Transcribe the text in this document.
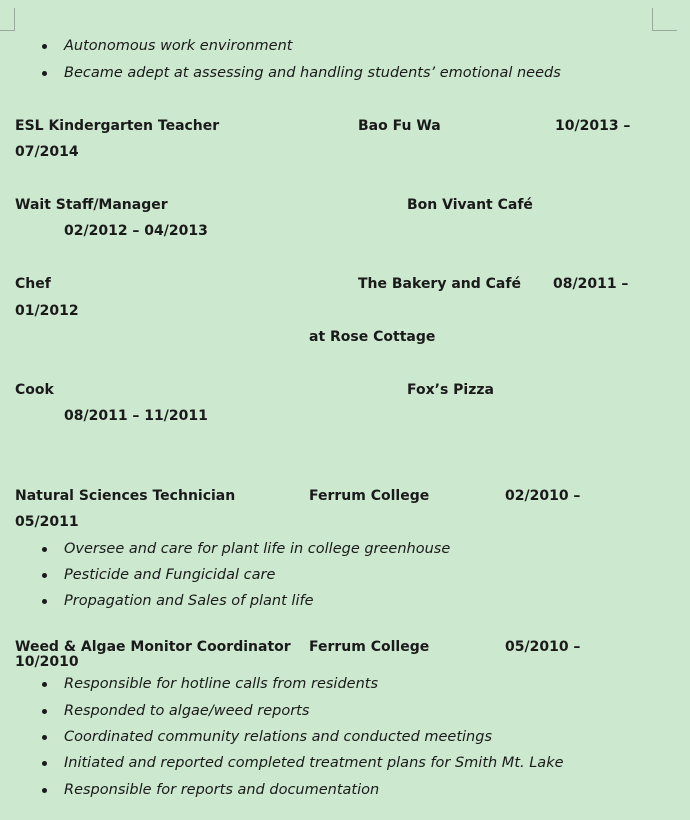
Autonomous work environment
Became adept at assessing and handling students’ emotional needs
ESL Kindergarten Teacher	Bao Fu Wa	10/2013 –
07/2014
Wait Staff/Manager	Bon Vivant Café
02/2012 – 04/2013
Chef	The Bakery and Café 08/2011 –
01/2012
at Rose Cottage
Cook	Fox’s Pizza
08/2011 – 11/2011
Natural Sciences Technician	Ferrum College	02/2010 –
05/2011
Oversee and care for plant life in college greenhouse
Pesticide and Fungicidal care
Propagation and Sales of plant life
Weed & Algae Monitor Coordinator Ferrum College	05/2010 –
10/2010
Responsible for hotline calls from residents
Responded to algae/weed reports
Coordinated community relations and conducted meetings
Initiated and reported completed treatment plans for Smith Mt. Lake
Responsible for reports and documentation
